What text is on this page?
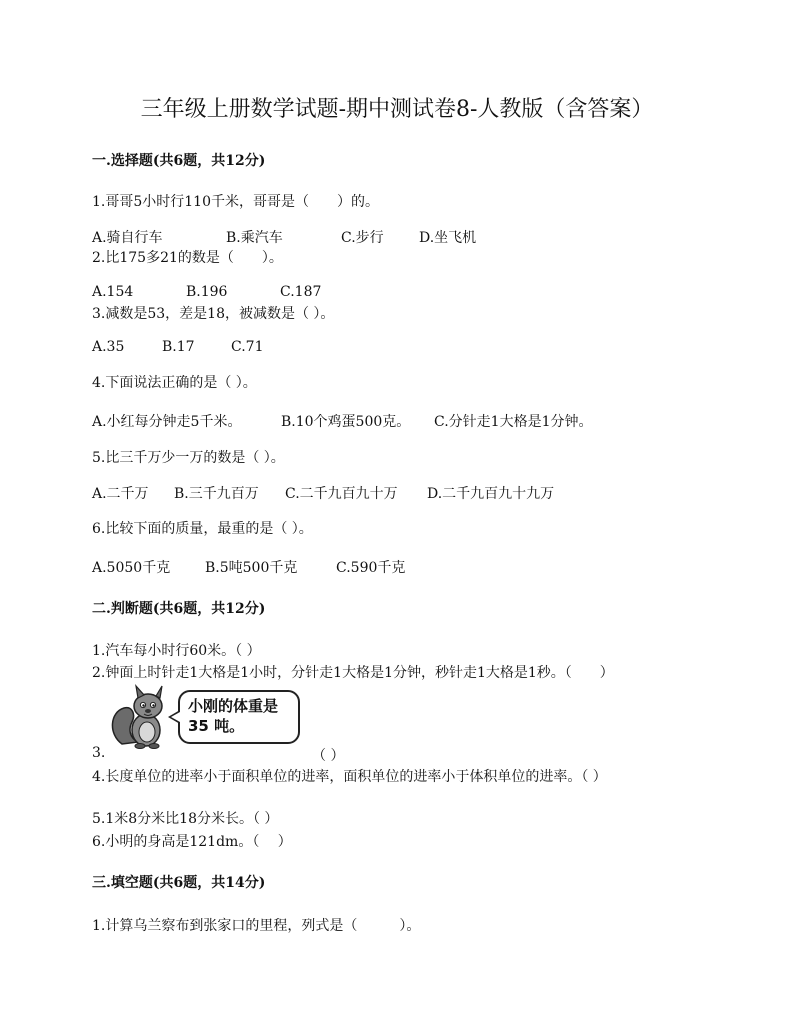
三年级上册数学试题-期中测试卷8-人教版（含答案）
一.选择题(共6题，共12分)
1.哥哥5小时行110千米，哥哥是（　　）的。
A.骑自行车	B.乘汽车	C.步行	D.坐飞机
2.比175多21的数是（　　）。
A.154	B.196	C.187
3.减数是53，差是18，被减数是（ ）。
A.35	B.17	C.71
4.下面说法正确的是（ ）。
A.小红每分钟走5千米。	B.10个鸡蛋500克。 C.分针走1大格是1分钟。
5.比三千万少一万的数是（ ）。
A.二千万 B.三千九百万 C.二千九百九十万 D.二千九百九十九万
6.比较下面的质量，最重的是（ ）。
A.5050千克 B.5吨500千克	C.590千克
二.判断题(共6题，共12分)
1.汽车每小时行60米。（ ）
2.钟面上时针走1大格是1小时，分针走1大格是1分钟，秒针走1大格是1秒。（　　）
小刚的体重是
35 吨。
3.	（ ）
4.长度单位的进率小于面积单位的进率，面积单位的进率小于体积单位的进率。（ ）
5.1米8分米比18分米长。（ ）
6.小明的身高是121dm。（　 ）
三.填空题(共6题，共14分)
1.计算乌兰察布到张家口的里程，列式是（　　　）。
